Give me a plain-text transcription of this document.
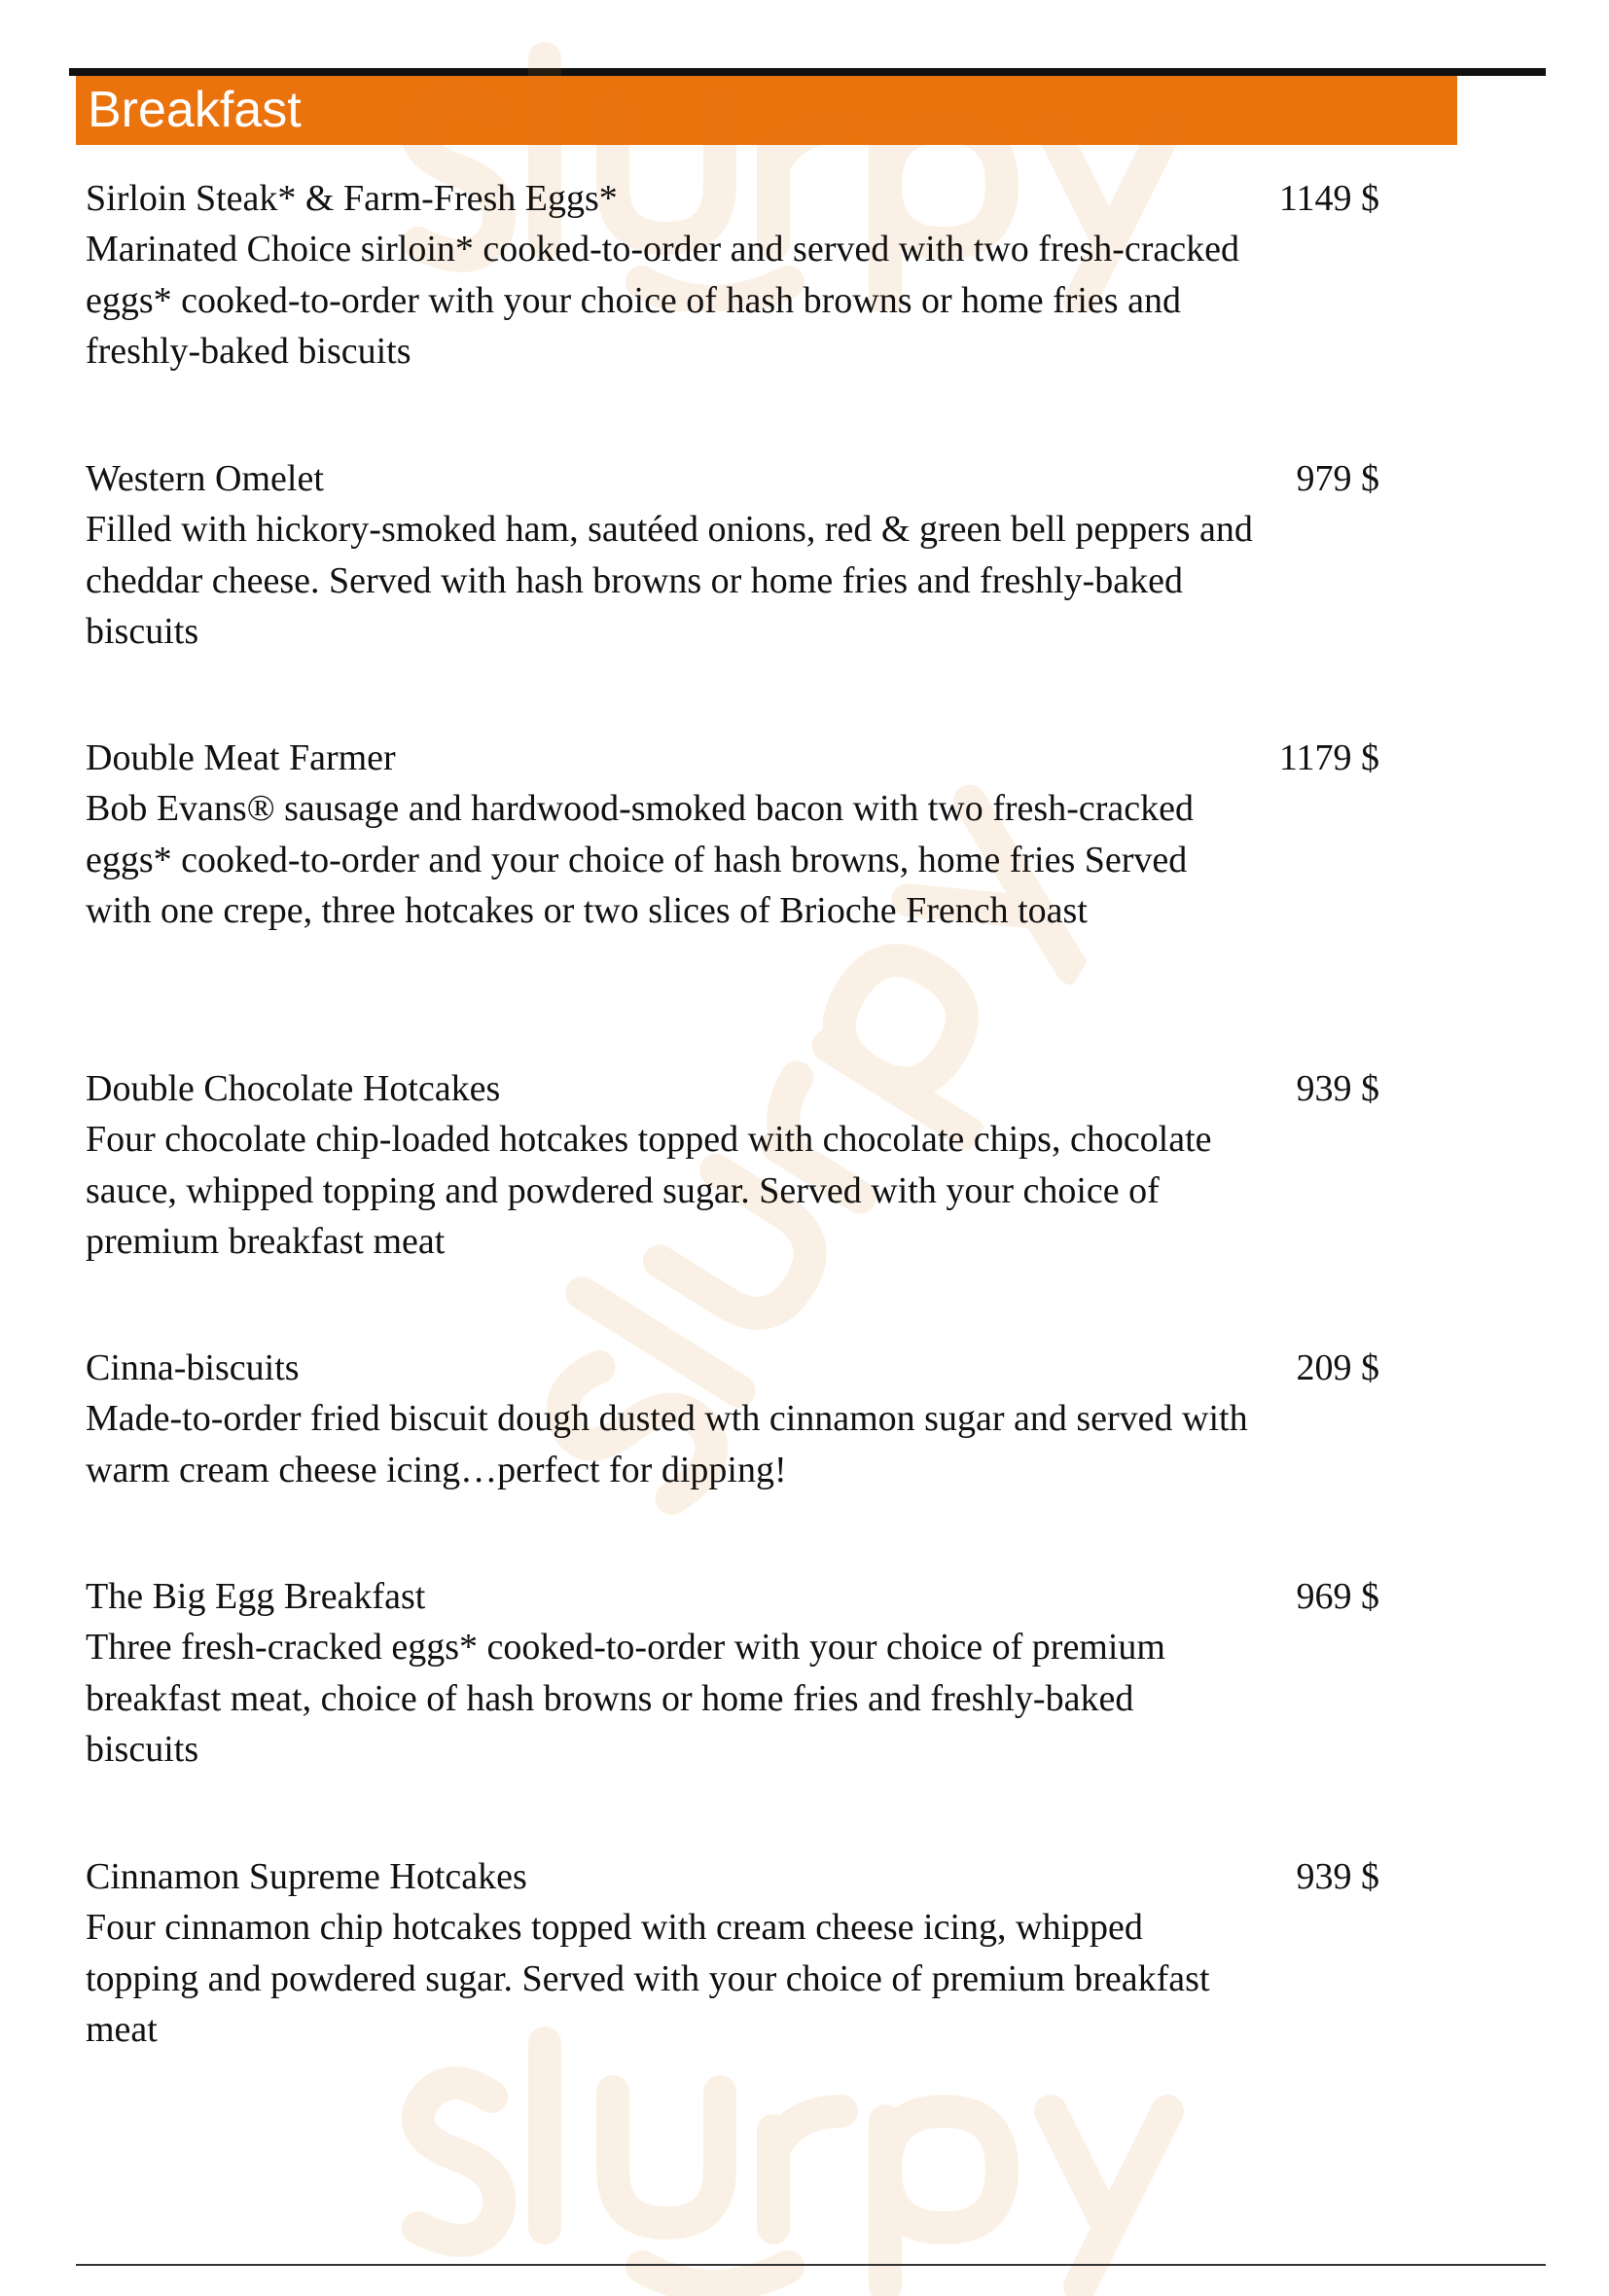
Breakfast
Sirloin Steak* & Farm-Fresh Eggs*	1149 $
Marinated Choice sirloin* cooked-to-order and served with two fresh-cracked eggs* cooked-to-order with your choice of hash browns or home fries and freshly-baked biscuits
Western Omelet	979 $
Filled with hickory-smoked ham, sautéed onions, red & green bell peppers and cheddar cheese. Served with hash browns or home fries and freshly-baked biscuits
Double Meat Farmer	1179 $
Bob Evans® sausage and hardwood-smoked bacon with two fresh-cracked eggs* cooked-to-order and your choice of hash browns, home fries Served with one crepe, three hotcakes or two slices of Brioche French toast
Double Chocolate Hotcakes	939 $
Four chocolate chip-loaded hotcakes topped with chocolate chips, chocolate sauce, whipped topping and powdered sugar. Served with your choice of premium breakfast meat
Cinna-biscuits	209 $
Made-to-order fried biscuit dough dusted wth cinnamon sugar and served with warm cream cheese icing…perfect for dipping!
The Big Egg Breakfast	969 $
Three fresh-cracked eggs* cooked-to-order with your choice of premium breakfast meat, choice of hash browns or home fries and freshly-baked biscuits
Cinnamon Supreme Hotcakes	939 $
Four cinnamon chip hotcakes topped with cream cheese icing, whipped topping and powdered sugar. Served with your choice of premium breakfast meat
